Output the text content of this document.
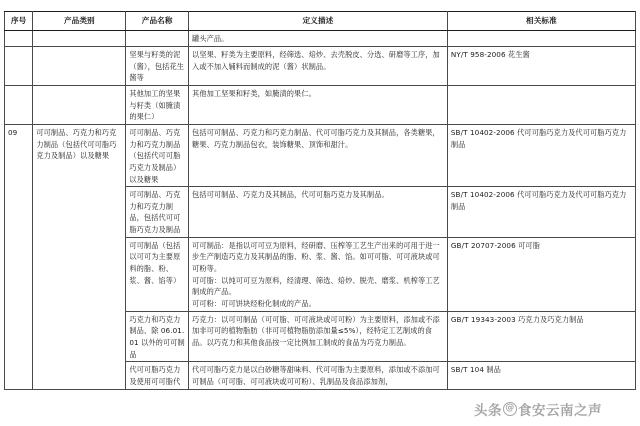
序号	产品类别	产品名称	定义描述	相关标准
			罐头产品。	
		坚果与籽类的泥（酱），包括花生酱等	以坚果、籽类为主要原料，经筛选、焙炒、去壳脱皮、分选、研磨等工序，加入或不加入辅料而制成的泥（酱）状制品。	NY/T 958-2006 花生酱
		其他加工的坚果与籽类（如腌渍的果仁）	其他加工坚果和籽类，如腌渍的果仁。	
09	可可制品、巧克力和巧克力制品（包括代可可脂巧克力及制品）以及糖果	可可制品、巧克力和巧克力制品（包括代可可脂巧克力及制品）以及糖果	包括可可制品、巧克力和巧克力制品、代可可脂巧克力及其制品，各类糖果，糖果、巧克力制品包衣，装饰糖果、顶饰和甜汁。	SB/T 10402-2006 代可可脂巧克力及代可可脂巧克力制品
		可可制品、巧克力和巧克力制品，包括代可可脂巧克力及制品	包括可可制品、巧克力及其制品，代可可脂巧克力及其制品。	SB/T 10402-2006 代可可脂巧克力及代可可脂巧克力制品
		可可制品（包括以可可为主要原料的脂、粉、浆、酱、馅等）	可可制品：是指以可可豆为原料，经研磨、压榨等工艺生产出来的可用于进一步生产制造巧克力及其制品的脂、粉、浆、酱、馅。如可可脂、可可液块或可可粉等。
可可脂：以纯可可豆为原料，经清理、筛选、焙炒、脱壳、磨浆、机榨等工艺制成的产品。
可可粉：可可饼块经粉化制成的产品。	GB/T 20707-2006 可可脂
		巧克力和巧克力制品、除 06.01.01 以外的可可制品	巧克力：以可可制品（可可脂、可可液块或可可粉）为主要原料，添加或不添加非可可的植物脂肪（非可可植物脂肪添加量≤5%），经特定工艺制成的食品。以巧克力和其他食品按一定比例加工制成的食品为巧克力制品。	GB/T 19343-2003 巧克力及巧克力制品
		代可可脂巧克力及使用可可脂代	代可可脂巧克力是以白砂糖等甜味料、代可可脂为主要原料，添加或不添加可可制品（可可脂、可可液块或可可粉）、乳制品及食品添加剂，	SB/T 104 制品
头条 @ 食安云南之声
